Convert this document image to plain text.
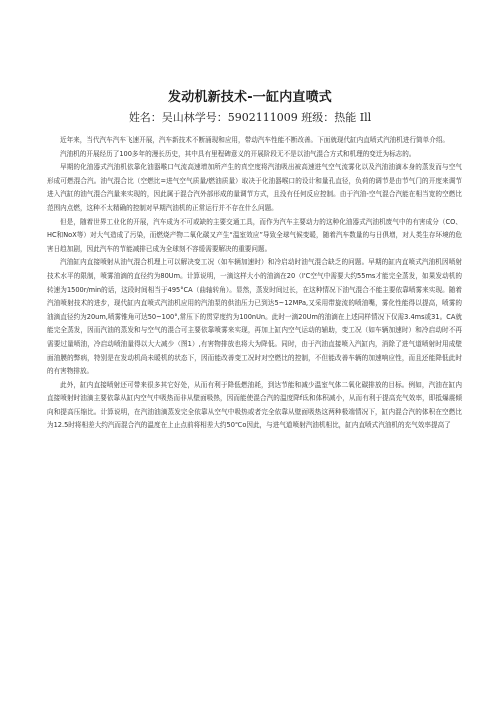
发动机新技术-一缸内直喷式
姓名：吴山林学号：5902111009 班级：热能 Ill

近年来，当代汽车汽车飞速开展，汽车新技术不断涌现和应用，带动汽车性能不断改善。下面就现代缸内直喷式汽油机进行简单介绍。

汽油机的开展经历了100多年的漫长历史，其中具有里程碑意义的开展阶段无不是以油气混合方式和机理的变迁为标志的。

早期的化油器式汽油机依靠化油器喉口气流高速增加所产生的真空度将汽油吸出被高速进气空气流雾化以及汽油油滴本身的蒸发而与空气形成可燃混合汽。油气混合比（空燃比=进气空气质量/燃油质量）取决于化油器喉口的设计和量孔直径，负荷的调节是由节气门的开度来调节进入汽缸的油气混合汽量来实现的，因此属于混合汽外部形成的量调节方式，且没有任何反应控制。由于汽油-空气混合汽能在相当宽的空燃比范围内点燃，这种不太精确的控制对早期汽油机的正常运行并不存在什么问题。

但是，随着世界工业化的开展，汽车成为不可或缺的主要交通工具，而作为汽车主要动力的这种化油器式汽油机废气中的有害成分（CO、HC和NoX等）对大气造成了污染，而燃烧产物二氧化碳又产生“温室效应”导致全球气候变暖，随着汽车数量的与日俱增，对人类生存环境的危害日趋加剧，因此汽车的节能减排已成为全球刻不容缓需要解决的重要问题。

汽油缸内直接喷射从油气混合机理上可以解决变工况（如车辆加速时）和冷启动时油气混合缺乏的问题。早期的缸内直喷式汽油机因喷射技术水平的限制，喷雾油滴的直径约为80Um。计算说明，一滴这样大小的油滴在20（I'C空气中需要大约55ms才能完全蒸发，如果发动机的转速为1500r/min的话，这段时间相当于495°CA（曲轴转角）。显然，蒸发时间过长，在这种情况下油气混合不能主要依靠喷雾来实现。随着汽油喷射技术的进步，现代缸内直喷式汽油机应用的汽油泵的供油压力已到达5~12MPa,又采用带旋流的喷油嘴，雾化性能得以提高，喷雾的油滴直径约为20um,喷雾锥角可达50~100°,常压下的贯穿度约为100nUn。此时一滴20Um的油滴在上述同样情况下仅需3.4ms或31。CA就能完全蒸发，因而汽油的蒸发和与空气的混合可主要依靠喷雾来实现，再加上缸内空气运动的辅助，变工况（如车辆加速时）和冷启动时不再需要过量喷油，冷启动喷油量得以大大减少（图1）,有害物排放也将大为降低。同时，由于汽油直接喷入汽缸内，消除了进气道喷射时用成壁面油膜的弊病，特别是在发动机尚未暖机的状态下，因而能改善变工况时对空燃比的控制，不但能改善车辆的加速响应性，而且还能降低此时的有害物排放。

此外，缸内直接喷射还可带来很多其它好处，从而有利于降低燃油耗，到达节能和减少温室气体二氧化碳排放的目标。例如，汽油在缸内直接喷射时油滴主要依靠从缸内空气中吸热而非从壁面吸热，因而能使混合汽的温度降f氐和体积减小，从而有利于提高充气效率，即抵爆震倾向和提高压缩比。计算说明，在汽油油滴蒸发完全依靠从空气中吸热或者完全依靠从壁面吸热这两种极端情况下，缸内混合汽的体积在空燃比为12.5时将相差大约汽而混合汽的温度在上止点前将相差大约50℃o因此，与进气道喷射汽油机相比，缸内直喷式汽油机的充气效率提高了
